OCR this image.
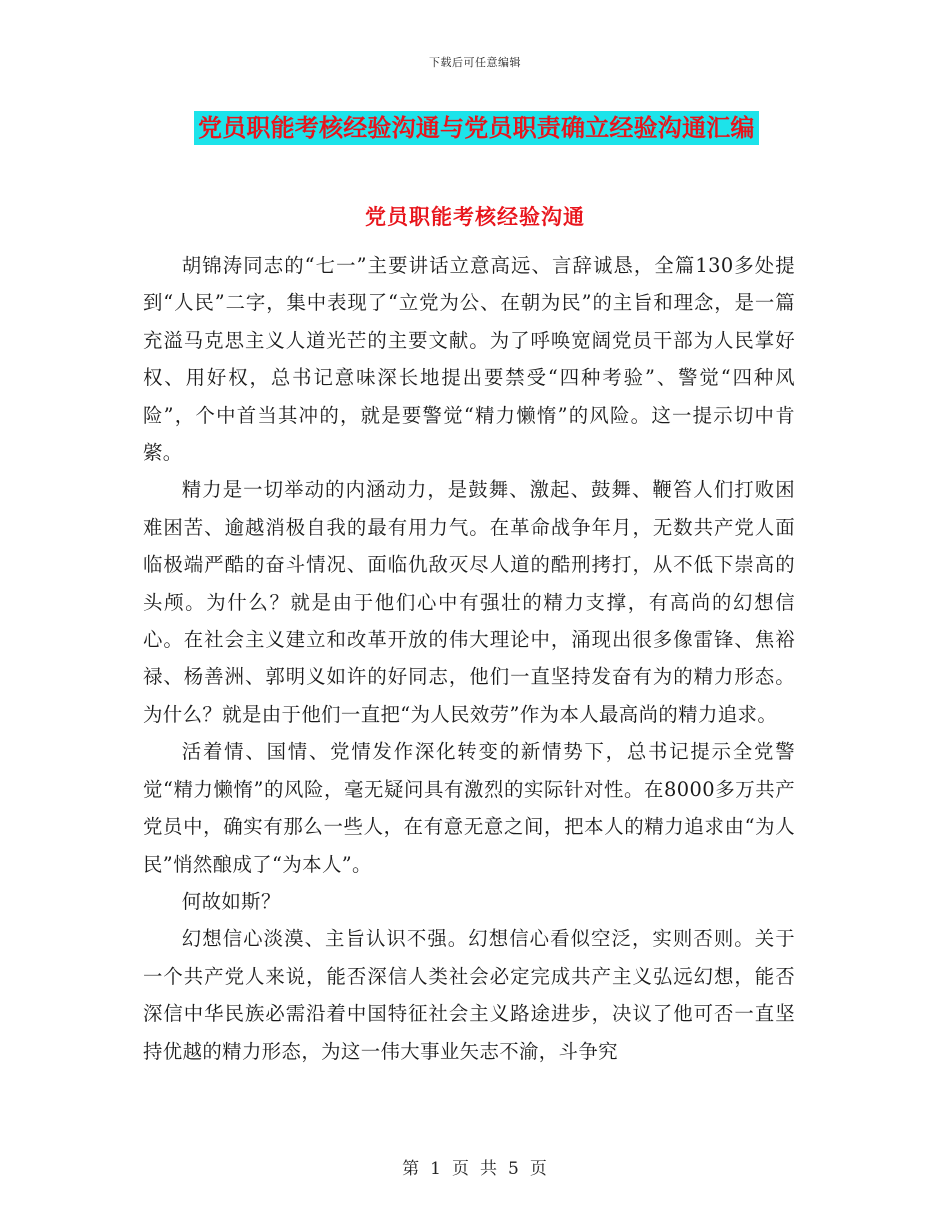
下载后可任意编辑
党员职能考核经验沟通与党员职责确立经验沟通汇编
党员职能考核经验沟通

胡锦涛同志的“七一”主要讲话立意高远、言辞诚恳，全篇130多处提到“人民”二字，集中表现了“立党为公、在朝为民”的主旨和理念，是一篇充溢马克思主义人道光芒的主要文献。为了呼唤宽阔党员干部为人民掌好权、用好权，总书记意味深长地提出要禁受“四种考验”、警觉“四种风险”，个中首当其冲的，就是要警觉“精力懒惰”的风险。这一提示切中肯綮。

精力是一切举动的内涵动力，是鼓舞、激起、鼓舞、鞭笞人们打败困难困苦、逾越消极自我的最有用力气。在革命战争年月，无数共产党人面临极端严酷的奋斗情况、面临仇敌灭尽人道的酷刑拷打，从不低下崇高的头颅。为什么？就是由于他们心中有强壮的精力支撑，有高尚的幻想信心。在社会主义建立和改革开放的伟大理论中，涌现出很多像雷锋、焦裕禄、杨善洲、郭明义如许的好同志，他们一直坚持发奋有为的精力形态。为什么？就是由于他们一直把“为人民效劳”作为本人最高尚的精力追求。

活着情、国情、党情发作深化转变的新情势下，总书记提示全党警觉“精力懒惰”的风险，毫无疑问具有激烈的实际针对性。在8000多万共产党员中，确实有那么一些人，在有意无意之间，把本人的精力追求由“为人民”悄然酿成了“为本人”。

何故如斯？

幻想信心淡漠、主旨认识不强。幻想信心看似空泛，实则否则。关于一个共产党人来说，能否深信人类社会必定完成共产主义弘远幻想，能否深信中华民族必需沿着中国特征社会主义路途进步，决议了他可否一直坚持优越的精力形态，为这一伟大事业矢志不渝，斗争究

第 1 页 共 5 页
